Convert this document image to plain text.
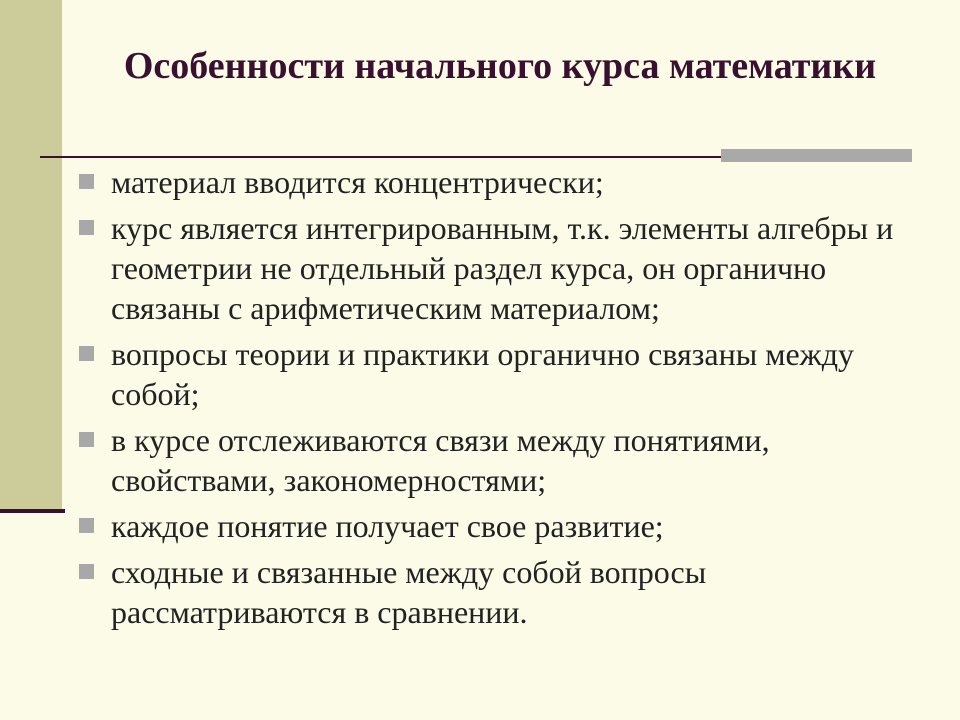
Особенности начального курса математики
материал вводится концентрически;
курс является интегрированным, т.к. элементы алгебры и геометрии не отдельный раздел курса, он органично связаны с арифметическим материалом;
вопросы теории и практики органично связаны между собой;
в курсе отслеживаются связи между понятиями, свойствами, закономерностями;
каждое понятие получает свое развитие;
сходные и связанные между собой вопросы рассматриваются в сравнении.
